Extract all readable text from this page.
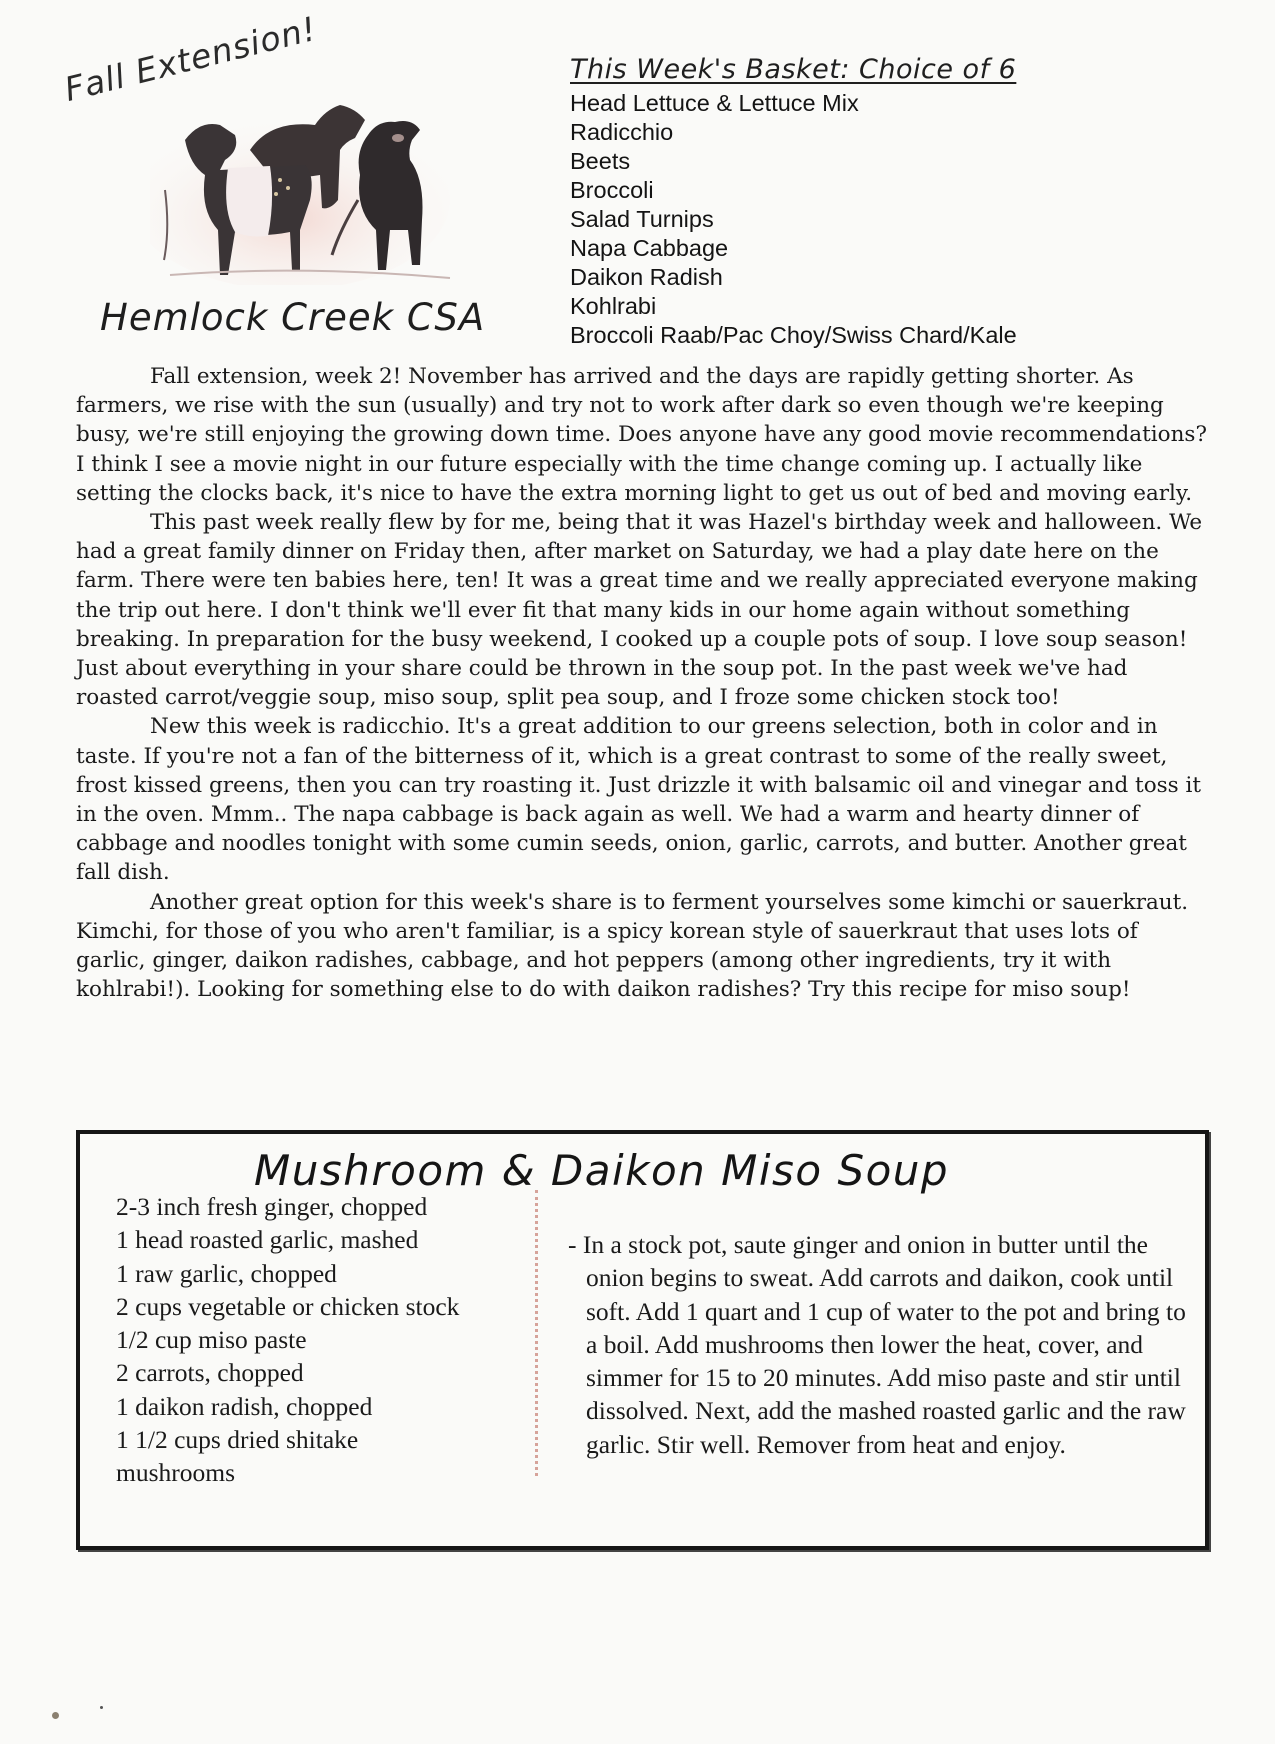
Fall Extension!
Hemlock Creek CSA
This Week's Basket: Choice of 6
Head Lettuce & Lettuce Mix
Radicchio
Beets
Broccoli
Salad Turnips
Napa Cabbage
Daikon Radish
Kohlrabi
Broccoli Raab/Pac Choy/Swiss Chard/Kale

Fall extension, week 2! November has arrived and the days are rapidly getting shorter. As farmers, we rise with the sun (usually) and try not to work after dark so even though we're keeping busy, we're still enjoying the growing down time. Does anyone have any good movie recommendations? I think I see a movie night in our future especially with the time change coming up. I actually like setting the clocks back, it's nice to have the extra morning light to get us out of bed and moving early.

This past week really flew by for me, being that it was Hazel's birthday week and halloween. We had a great family dinner on Friday then, after market on Saturday, we had a play date here on the farm. There were ten babies here, ten! It was a great time and we really appreciated everyone making the trip out here. I don't think we'll ever fit that many kids in our home again without something breaking. In preparation for the busy weekend, I cooked up a couple pots of soup. I love soup season! Just about everything in your share could be thrown in the soup pot. In the past week we've had roasted carrot/veggie soup, miso soup, split pea soup, and I froze some chicken stock too!

New this week is radicchio. It's a great addition to our greens selection, both in color and in taste. If you're not a fan of the bitterness of it, which is a great contrast to some of the really sweet, frost kissed greens, then you can try roasting it. Just drizzle it with balsamic oil and vinegar and toss it in the oven. Mmm.. The napa cabbage is back again as well. We had a warm and hearty dinner of cabbage and noodles tonight with some cumin seeds, onion, garlic, carrots, and butter. Another great fall dish.

Another great option for this week's share is to ferment yourselves some kimchi or sauerkraut. Kimchi, for those of you who aren't familiar, is a spicy korean style of sauerkraut that uses lots of garlic, ginger, daikon radishes, cabbage, and hot peppers (among other ingredients, try it with kohlrabi!). Looking for something else to do with daikon radishes? Try this recipe for miso soup!

Mushroom & Daikon Miso Soup
2-3 inch fresh ginger, chopped
1 head roasted garlic, mashed
1 raw garlic, chopped
2 cups vegetable or chicken stock
1/2 cup miso paste
2 carrots, chopped
1 daikon radish, chopped
1 1/2 cups dried shitake
mushrooms

- In a stock pot, saute ginger and onion in butter until the onion begins to sweat. Add carrots and daikon, cook until soft. Add 1 quart and 1 cup of water to the pot and bring to a boil. Add mushrooms then lower the heat, cover, and simmer for 15 to 20 minutes. Add miso paste and stir until dissolved. Next, add the mashed roasted garlic and the raw garlic. Stir well. Remover from heat and enjoy.
